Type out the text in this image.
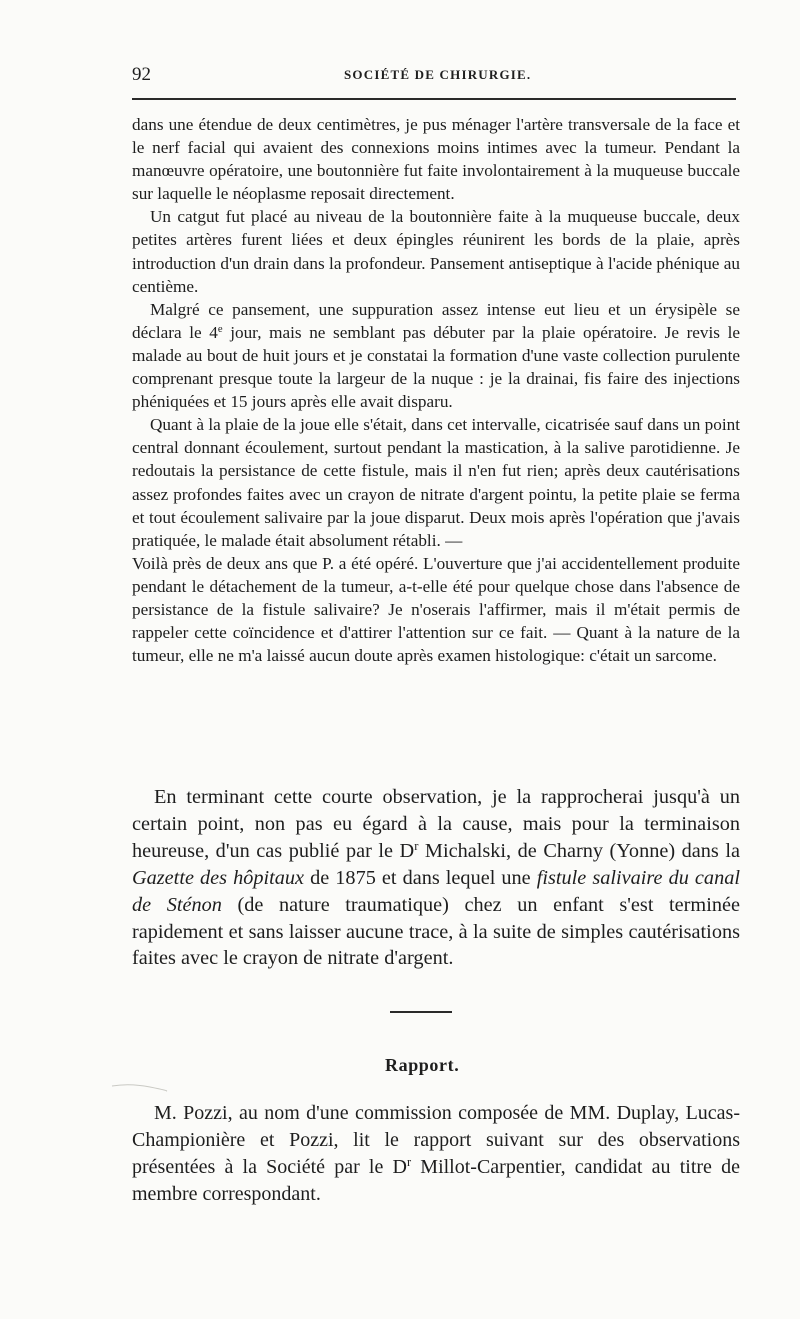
92	SOCIÉTÉ DE CHIRURGIE.

dans une étendue de deux centimètres, je pus ménager l'artère transversale de la face et le nerf facial qui avaient des connexions moins intimes avec la tumeur. Pendant la manœuvre opératoire, une boutonnière fut faite involontairement à la muqueuse buccale sur laquelle le néoplasme reposait directement.

Un catgut fut placé au niveau de la boutonnière faite à la muqueuse buccale, deux petites artères furent liées et deux épingles réunirent les bords de la plaie, après introduction d'un drain dans la profondeur. Pansement antiseptique à l'acide phénique au centième.

Malgré ce pansement, une suppuration assez intense eut lieu et un érysipèle se déclara le 4e jour, mais ne semblant pas débuter par la plaie opératoire. Je revis le malade au bout de huit jours et je constatai la formation d'une vaste collection purulente comprenant presque toute la largeur de la nuque : je la drainai, fis faire des injections phéniquées et 15 jours après elle avait disparu.

Quant à la plaie de la joue elle s'était, dans cet intervalle, cicatrisée sauf dans un point central donnant écoulement, surtout pendant la mastication, à la salive parotidienne. Je redoutais la persistance de cette fistule, mais il n'en fut rien; après deux cautérisations assez profondes faites avec un crayon de nitrate d'argent pointu, la petite plaie se ferma et tout écoulement salivaire par la joue disparut. Deux mois après l'opération que j'avais pratiquée, le malade était absolument rétabli. —

Voilà près de deux ans que P. a été opéré. L'ouverture que j'ai accidentellement produite pendant le détachement de la tumeur, a-t-elle été pour quelque chose dans l'absence de persistance de la fistule salivaire? Je n'oserais l'affirmer, mais il m'était permis de rappeler cette coïncidence et d'attirer l'attention sur ce fait. — Quant à la nature de la tumeur, elle ne m'a laissé aucun doute après examen histologique: c'était un sarcome.

En terminant cette courte observation, je la rapprocherai jusqu'à un certain point, non pas eu égard à la cause, mais pour la terminaison heureuse, d'un cas publié par le $D^r$ Michalski, de Charny (Yonne) dans la Gazette des hôpitaux de 1875 et dans lequel une fistule salivaire du canal de Sténon (de nature traumatique) chez un enfant s'est terminée rapidement et sans laisser aucune trace, à la suite de simples cautérisations faites avec le crayon de nitrate d'argent.

Rapport.

M. Pozzi, au nom d'une commission composée de MM. Duplay, Lucas-Championière et Pozzi, lit le rapport suivant sur des observations présentées à la Société par le $D^r$ Millot-Carpentier, candidat au titre de membre correspondant.
